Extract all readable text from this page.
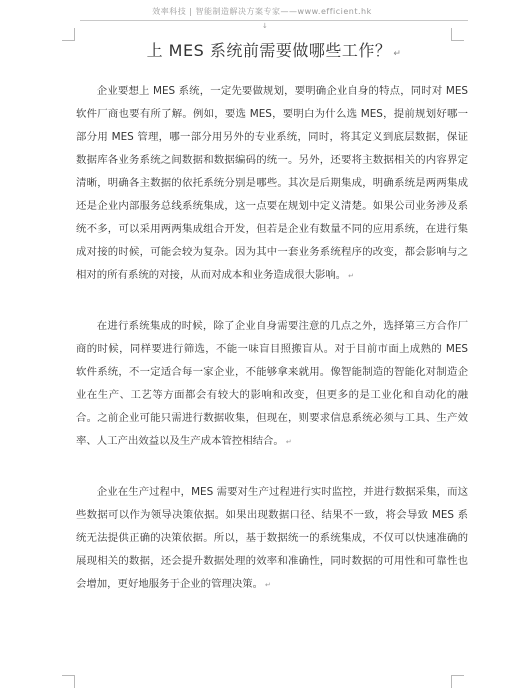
效率科技 | 智能制造解决方案专家——www.efficient.hk
↓
上 MES 系统前需要做哪些工作？ ↵

企业要想上 MES 系统，一定先要做规划，要明确企业自身的特点，同时对 MES 软件厂商也要有所了解。例如，要选 MES，要明白为什么选 MES，提前规划好哪一部分用 MES 管理，哪一部分用另外的专业系统，同时，将其定义到底层数据，保证数据库各业务系统之间数据和数据编码的统一。另外，还要将主数据相关的内容界定清晰，明确各主数据的依托系统分别是哪些。其次是后期集成，明确系统是两两集成还是企业内部服务总线系统集成，这一点要在规划中定义清楚。如果公司业务涉及系统不多，可以采用两两集成组合开发，但若是企业有数量不同的应用系统，在进行集成对接的时候，可能会较为复杂。因为其中一套业务系统程序的改变，都会影响与之相对的所有系统的对接，从而对成本和业务造成很大影响。 ↵

在进行系统集成的时候，除了企业自身需要注意的几点之外，选择第三方合作厂商的时候，同样要进行筛选，不能一味盲目照搬盲从。对于目前市面上成熟的 MES 软件系统，不一定适合每一家企业，不能够拿来就用。像智能制造的智能化对制造企业在生产、工艺等方面都会有较大的影响和改变，但更多的是工业化和自动化的融合。之前企业可能只需进行数据收集，但现在，则要求信息系统必须与工具、生产效率、人工产出效益以及生产成本管控相结合。 ↵

企业在生产过程中，MES 需要对生产过程进行实时监控，并进行数据采集，而这些数据可以作为领导决策依据。如果出现数据口径、结果不一致，将会导致 MES 系统无法提供正确的决策依据。所以，基于数据统一的系统集成，不仅可以快速准确的展现相关的数据，还会提升数据处理的效率和准确性，同时数据的可用性和可靠性也会增加，更好地服务于企业的管理决策。 ↵
